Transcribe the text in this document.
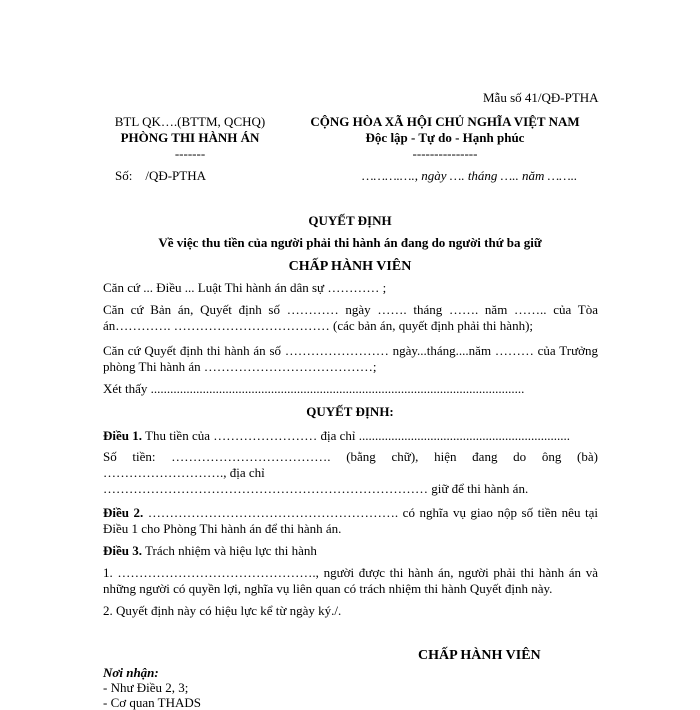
Mẫu số 41/QĐ-PTHA
BTL QK….(BTTM, QCHQ)
PHÒNG THI HÀNH ÁN
-------
Số:    /QĐ-PTHA
CỘNG HÒA XÃ HỘI CHỦ NGHĨA VIỆT NAM
Độc lập - Tự do - Hạnh phúc
---------------
……….…., ngày …. tháng ….. năm ……..
QUYẾT ĐỊNH
Về việc thu tiền của người phải thi hành án đang do người thứ ba giữ
CHẤP HÀNH VIÊN
Căn cứ ... Điều ... Luật Thi hành án dân sự ………… ;
Căn cứ Bản án, Quyết định số ………… ngày ……. tháng ……. năm …….. của Tòa án…………. ……………………………… (các bản án, quyết định phải thi hành);
Căn cứ Quyết định thi hành án số …………………… ngày...tháng....năm ……… của Trưởng phòng Thi hành án …………………………………;
Xét thấy ...................................................................................................................
QUYẾT ĐỊNH:
Điều 1. Thu tiền của …………………… địa chỉ .................................................................
Số tiền: ………………………………. (bằng chữ), hiện đang do ông (bà) ………………………., địa chỉ
………………………………………………………………… giữ để thi hành án.
Điều 2. …………………………………………………. có nghĩa vụ giao nộp số tiền nêu tại Điều 1 cho Phòng Thi hành án để thi hành án.
Điều 3. Trách nhiệm và hiệu lực thi hành
1. ………………………………………., người được thi hành án, người phải thi hành án và những người có quyền lợi, nghĩa vụ liên quan có trách nhiệm thi hành Quyết định này.
2. Quyết định này có hiệu lực kể từ ngày ký./.
CHẤP HÀNH VIÊN
Nơi nhận:
- Như Điều 2, 3;
- Cơ quan THADS
